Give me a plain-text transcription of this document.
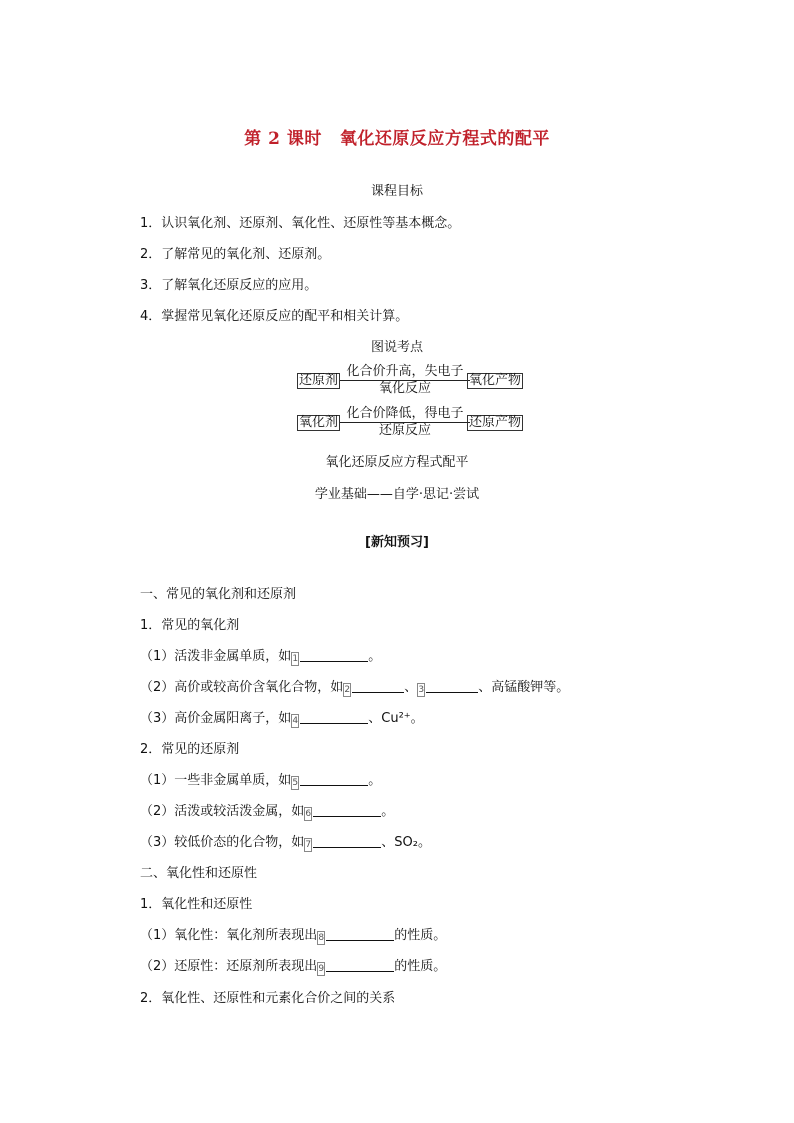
第 2 课时 氧化还原反应方程式的配平
课程目标
1．认识氧化剂、还原剂、氧化性、还原性等基本概念。
2．了解常见的氧化剂、还原剂。
3．了解氧化还原反应的应用。
4．掌握常见氧化还原反应的配平和相关计算。
图说考点
还原剂
化合价升高，失电子
氧化反应
氧化产物
氧化剂
化合价降低，得电子
还原反应
还原产物
氧化还原反应方程式配平
学业基础——自学·思记·尝试
[新知预习]
一、常见的氧化剂和还原剂
1．常见的氧化剂
（1）活泼非金属单质，如1	。
（2）高价或较高价含氧化合物，如2	、3	、高锰酸钾等。
（3）高价金属阳离子，如4	、Cu²⁺。
2．常见的还原剂
（1）一些非金属单质，如5	。
（2）活泼或较活泼金属，如6	。
（3）较低价态的化合物，如7	、SO₂。
二、氧化性和还原性
1．氧化性和还原性
（1）氧化性：氧化剂所表现出8	的性质。
（2）还原性：还原剂所表现出9	的性质。
2．氧化性、还原性和元素化合价之间的关系
